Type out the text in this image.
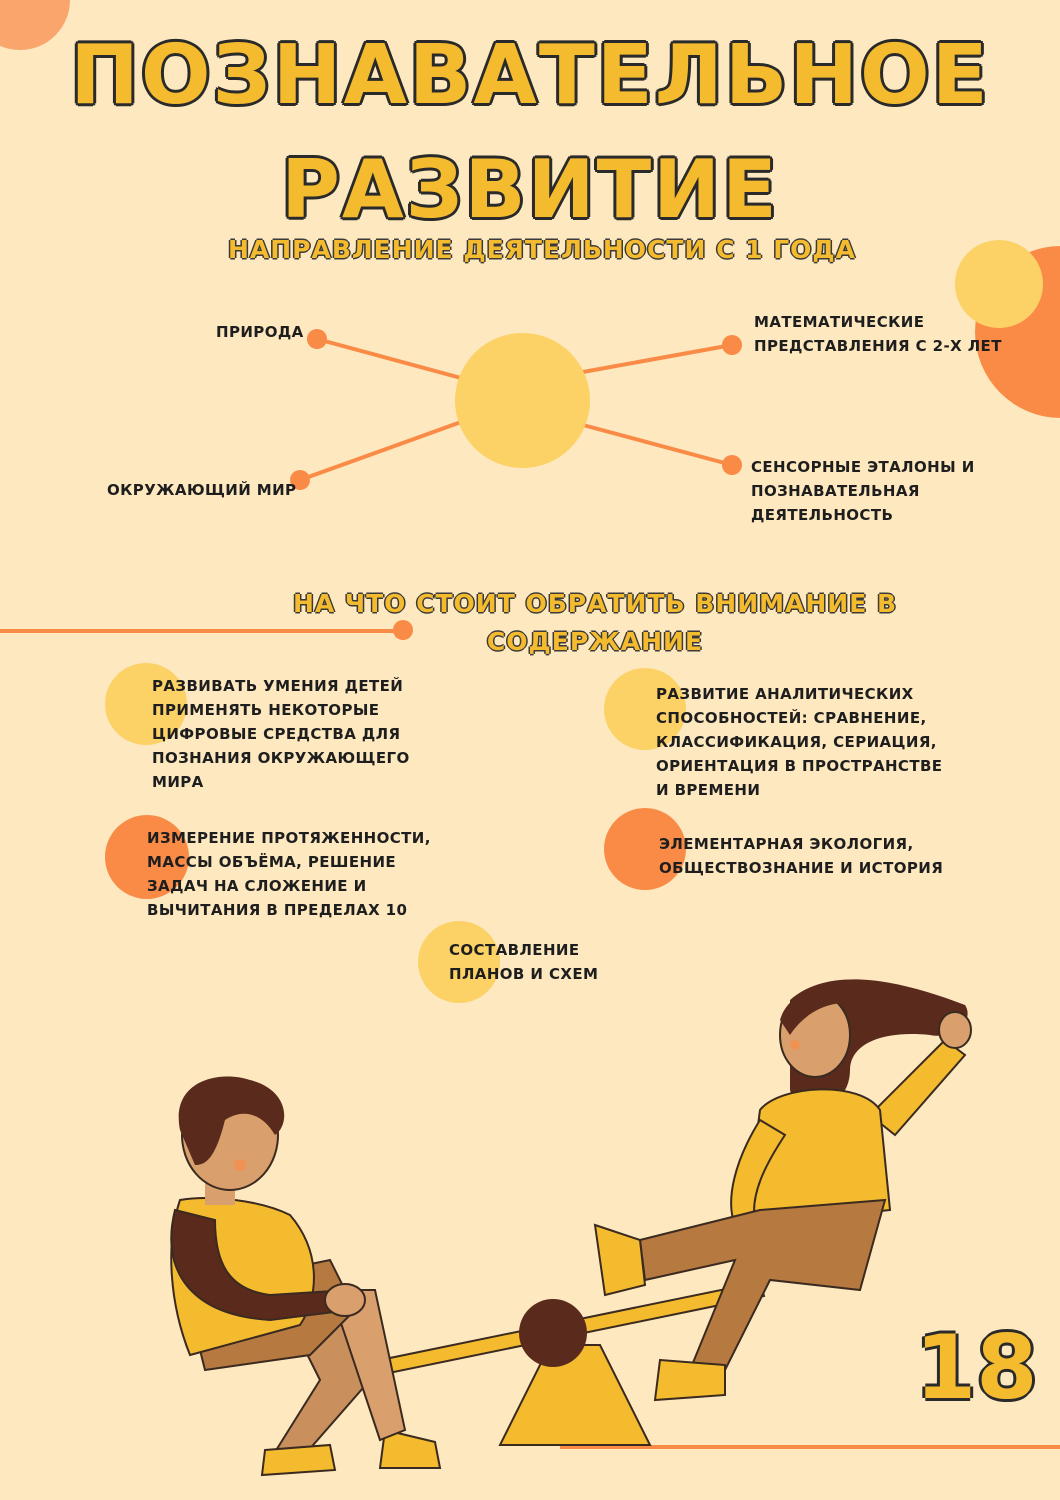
ПОЗНАВАТЕЛЬНОЕ
РАЗВИТИЕ
НАПРАВЛЕНИЕ ДЕЯТЕЛЬНОСТИ С 1 ГОДА
ПРИРОДА
ОКРУЖАЮЩИЙ МИР
МАТЕМАТИЧЕСКИЕ
ПРЕДСТАВЛЕНИЯ С 2-Х ЛЕТ
СЕНСОРНЫЕ ЭТАЛОНЫ И
ПОЗНАВАТЕЛЬНАЯ
ДЕЯТЕЛЬНОСТЬ
НА ЧТО СТОИТ ОБРАТИТЬ ВНИМАНИЕ В
СОДЕРЖАНИЕ
РАЗВИВАТЬ УМЕНИЯ ДЕТЕЙ
ПРИМЕНЯТЬ НЕКОТОРЫЕ
ЦИФРОВЫЕ СРЕДСТВА ДЛЯ
ПОЗНАНИЯ ОКРУЖАЮЩЕГО
МИРА
РАЗВИТИЕ АНАЛИТИЧЕСКИХ
СПОСОБНОСТЕЙ: СРАВНЕНИЕ,
КЛАССИФИКАЦИЯ, СЕРИАЦИЯ,
ОРИЕНТАЦИЯ В ПРОСТРАНСТВЕ
И ВРЕМЕНИ
ИЗМЕРЕНИЕ ПРОТЯЖЕННОСТИ,
МАССЫ ОБЪЁМА, РЕШЕНИЕ
ЗАДАЧ НА СЛОЖЕНИЕ И
ВЫЧИТАНИЯ В ПРЕДЕЛАХ 10
ЭЛЕМЕНТАРНАЯ ЭКОЛОГИЯ,
ОБЩЕСТВОЗНАНИЕ И ИСТОРИЯ
СОСТАВЛЕНИЕ
ПЛАНОВ И СХЕМ
18
